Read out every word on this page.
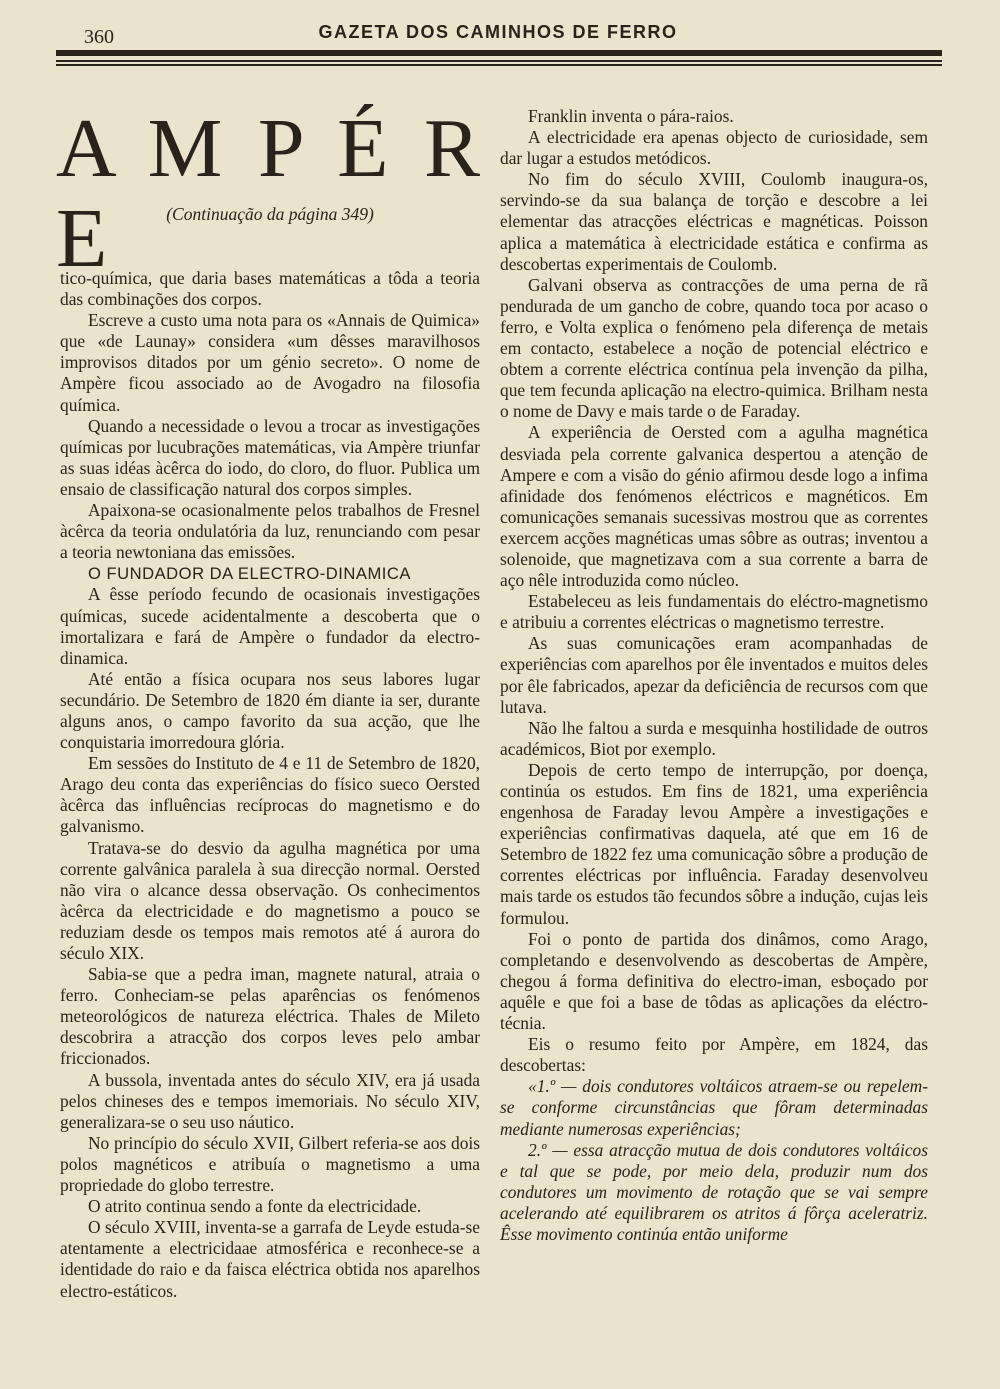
360	GAZETA DOS CAMINHOS DE FERRO
A M P É R E	(Continuação da página 349)

tico-química, que daria bases matemáticas a tôda a teoria das combinações dos corpos.

Escreve a custo uma nota para os «Annais de Quimica» que «de Launay» considera «um dêsses maravilhosos improvisos ditados por um génio secreto». O nome de Ampère ficou associado ao de Avogadro na filosofia química.

Quando a necessidade o levou a trocar as investigações químicas por lucubrações matemáticas, via Ampère triunfar as suas idéas àcêrca do iodo, do cloro, do fluor. Publica um ensaio de classificação natural dos corpos simples.

Apaixona-se ocasionalmente pelos trabalhos de Fresnel àcêrca da teoria ondulatória da luz, renunciando com pesar a teoria newtoniana das emissões.

O FUNDADOR DA ELECTRO-DINAMICA

A êsse período fecundo de ocasionais investigações químicas, sucede acidentalmente a descoberta que o imortalizara e fará de Ampère o fundador da electro-dinamica.

Até então a física ocupara nos seus labores lugar secundário. De Setembro de 1820 ém diante ia ser, durante alguns anos, o campo favorito da sua acção, que lhe conquistaria imorredoura glória.

Em sessões do Instituto de 4 e 11 de Setembro de 1820, Arago deu conta das experiências do físico sueco Oersted àcêrca das influências recíprocas do magnetismo e do galvanismo.

Tratava-se do desvio da agulha magnética por uma corrente galvânica paralela à sua direcção normal. Oersted não vira o alcance dessa observação. Os conhecimentos àcêrca da electricidade e do magnetismo a pouco se reduziam desde os tempos mais remotos até á aurora do século XIX.

Sabia-se que a pedra iman, magnete natural, atraia o ferro. Conheciam-se pelas aparências os fenómenos meteorológicos de natureza eléctrica. Thales de Mileto descobrira a atracção dos corpos leves pelo ambar friccionados.

A bussola, inventada antes do século XIV, era já usada pelos chineses des e tempos imemoriais. No século XIV, generalizara-se o seu uso náutico.

No princípio do século XVII, Gilbert referia-se aos dois polos magnéticos e atribuía o magnetismo a uma propriedade do globo terrestre.

O atrito continua sendo a fonte da electricidade.

O século XVIII, inventa-se a garrafa de Leyde estuda-se atentamente a electricidaae atmosférica e reconhece-se a identidade do raio e da faisca eléctrica obtida nos aparelhos electro-estáticos.

Franklin inventa o pára-raios.

A electricidade era apenas objecto de curiosidade, sem dar lugar a estudos metódicos.

No fim do século XVIII, Coulomb inaugura-os, servindo-se da sua balança de torção e descobre a lei elementar das atracções eléctricas e magnéticas. Poisson aplica a matemática à electricidade estática e confirma as descobertas experimentais de Coulomb.

Galvani observa as contracções de uma perna de rã pendurada de um gancho de cobre, quando toca por acaso o ferro, e Volta explica o fenómeno pela diferença de metais em contacto, estabelece a noção de potencial eléctrico e obtem a corrente eléctrica contínua pela invenção da pilha, que tem fecunda aplicação na electro-quimica. Brilham nesta o nome de Davy e mais tarde o de Faraday.

A experiência de Oersted com a agulha magnética desviada pela corrente galvanica despertou a atenção de Ampere e com a visão do génio afirmou desde logo a infima afinidade dos fenómenos eléctricos e magnéticos. Em comunicações semanais sucessivas mostrou que as correntes exercem acções magnéticas umas sôbre as outras; inventou a solenoide, que magnetizava com a sua corrente a barra de aço nêle introduzida como núcleo.

Estabeleceu as leis fundamentais do eléctro-magnetismo e atribuiu a correntes eléctricas o magnetismo terrestre.

As suas comunicações eram acompanhadas de experiências com aparelhos por êle inventados e muitos deles por êle fabricados, apezar da deficiência de recursos com que lutava.

Não lhe faltou a surda e mesquinha hostilidade de outros académicos, Biot por exemplo.

Depois de certo tempo de interrupção, por doença, continúa os estudos. Em fins de 1821, uma experiência engenhosa de Faraday levou Ampère a investigações e experiências confirmativas daquela, até que em 16 de Setembro de 1822 fez uma comunicação sôbre a produção de correntes eléctricas por influência. Faraday desenvolveu mais tarde os estudos tão fecundos sôbre a indução, cujas leis formulou.

Foi o ponto de partida dos dinâmos, como Arago, completando e desenvolvendo as descobertas de Ampère, chegou á forma definitiva do electro-iman, esboçado por aquêle e que foi a base de tôdas as aplicações da eléctro-técnia.

Eis o resumo feito por Ampère, em 1824, das descobertas:

«1.º — dois condutores voltáicos atraem-se ou repelem-se conforme circunstâncias que fôram determinadas mediante numerosas experiências;

2.º — essa atracção mutua de dois condutores voltáicos e tal que se pode, por meio dela, produzir num dos condutores um movimento de rotação que se vai sempre acelerando até equilibrarem os atritos á fôrça aceleratriz. Êsse movimento continúa então uniforme
